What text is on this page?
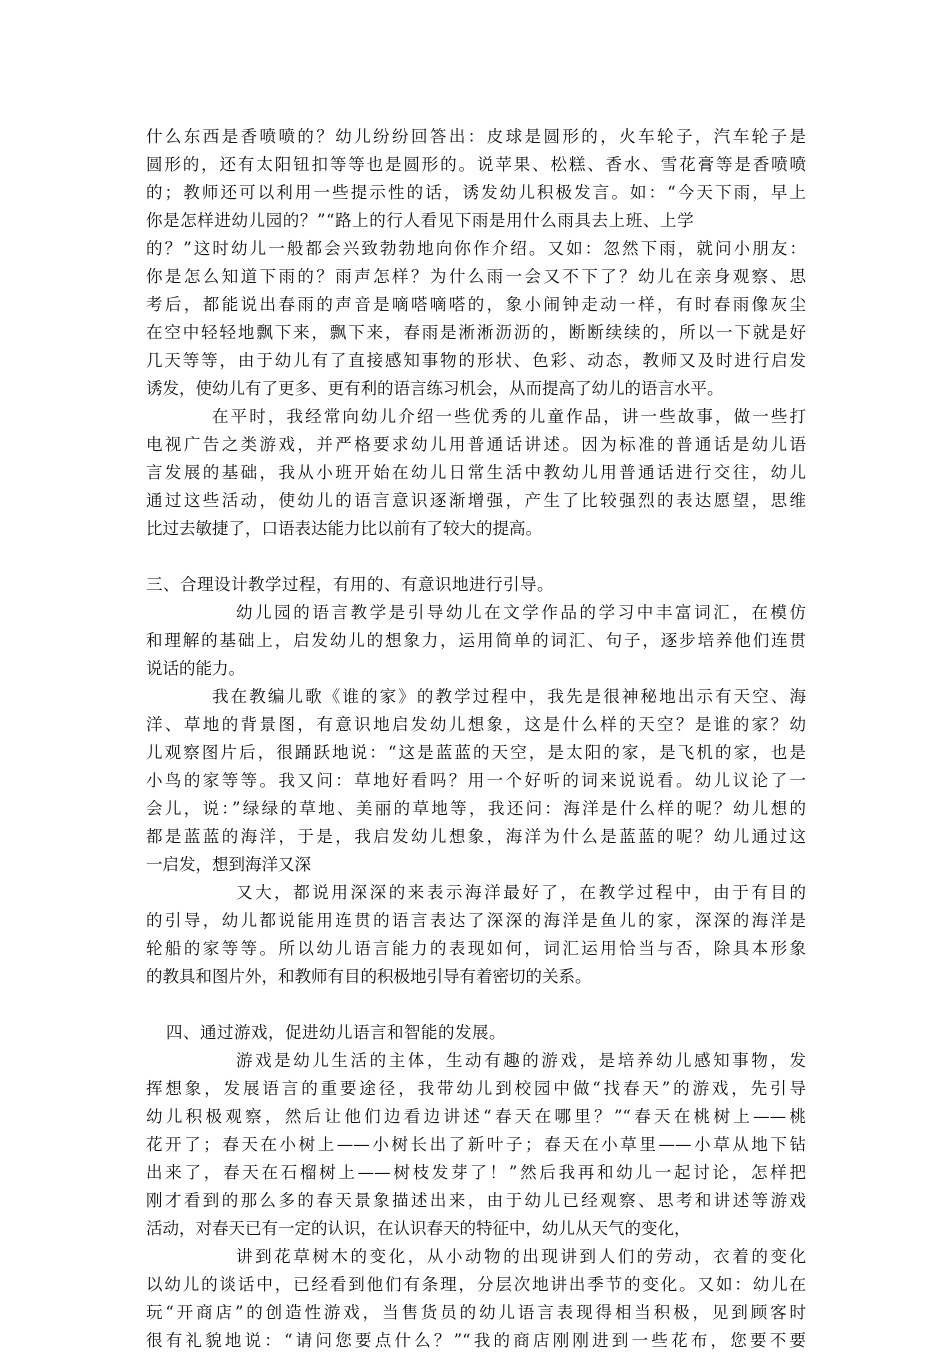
什么东西是香喷喷的？幼儿纷纷回答出：皮球是圆形的，火车轮子，汽车轮子是
圆形的，还有太阳钮扣等等也是圆形的。说苹果、松糕、香水、雪花膏等是香喷喷
的；教师还可以利用一些提示性的话，诱发幼儿积极发言。如：“今天下雨，早上
你是怎样进幼儿园的？”“路上的行人看见下雨是用什么雨具去上班、上学
的？”这时幼儿一般都会兴致勃勃地向你作介绍。又如：忽然下雨，就问小朋友：
你是怎么知道下雨的？雨声怎样？为什么雨一会又不下了？幼儿在亲身观察、思
考后，都能说出春雨的声音是嘀嗒嘀嗒的，象小闹钟走动一样，有时春雨像灰尘
在空中轻轻地飘下来，飘下来，春雨是淅淅沥沥的，断断续续的，所以一下就是好
几天等等，由于幼儿有了直接感知事物的形状、色彩、动态，教师又及时进行启发
诱发，使幼儿有了更多、更有利的语言练习机会，从而提高了幼儿的语言水平。
在平时，我经常向幼儿介绍一些优秀的儿童作品，讲一些故事，做一些打
电视广告之类游戏，并严格要求幼儿用普通话讲述。因为标准的普通话是幼儿语
言发展的基础，我从小班开始在幼儿日常生活中教幼儿用普通话进行交往，幼儿
通过这些活动，使幼儿的语言意识逐渐增强，产生了比较强烈的表达愿望，思维
比过去敏捷了，口语表达能力比以前有了较大的提高。
三、合理设计教学过程，有用的、有意识地进行引导。
幼儿园的语言教学是引导幼儿在文学作品的学习中丰富词汇，在模仿
和理解的基础上，启发幼儿的想象力，运用简单的词汇、句子，逐步培养他们连贯
说话的能力。
我在教编儿歌《谁的家》的教学过程中，我先是很神秘地出示有天空、海
洋、草地的背景图，有意识地启发幼儿想象，这是什么样的天空？是谁的家？幼
儿观察图片后，很踊跃地说：“这是蓝蓝的天空，是太阳的家，是飞机的家，也是
小鸟的家等等。我又问：草地好看吗？用一个好听的词来说说看。幼儿议论了一
会儿，说：”绿绿的草地、美丽的草地等，我还问：海洋是什么样的呢？幼儿想的
都是蓝蓝的海洋，于是，我启发幼儿想象，海洋为什么是蓝蓝的呢？幼儿通过这
一启发，想到海洋又深
又大，都说用深深的来表示海洋最好了，在教学过程中，由于有目的
的引导，幼儿都说能用连贯的语言表达了深深的海洋是鱼儿的家，深深的海洋是
轮船的家等等。所以幼儿语言能力的表现如何，词汇运用恰当与否，除具本形象
的教具和图片外，和教师有目的积极地引导有着密切的关系。
四、通过游戏，促进幼儿语言和智能的发展。
游戏是幼儿生活的主体，生动有趣的游戏，是培养幼儿感知事物，发
挥想象，发展语言的重要途径，我带幼儿到校园中做“找春天”的游戏，先引导
幼儿积极观察，然后让他们边看边讲述“春天在哪里？”“春天在桃树上——桃
花开了；春天在小树上——小树长出了新叶子；春天在小草里——小草从地下钻
出来了，春天在石榴树上——树枝发芽了！”然后我再和幼儿一起讨论，怎样把
刚才看到的那么多的春天景象描述出来，由于幼儿已经观察、思考和讲述等游戏
活动，对春天已有一定的认识，在认识春天的特征中，幼儿从天气的变化，
讲到花草树木的变化，从小动物的出现讲到人们的劳动，衣着的变化
以幼儿的谈话中，已经看到他们有条理，分层次地讲出季节的变化。又如：幼儿在
玩“开商店”的创造性游戏，当售货员的幼儿语言表现得相当积极，见到顾客时
很有礼貌地说：“请问您要点什么？”“我的商店刚刚进到一些花布，您要不要
